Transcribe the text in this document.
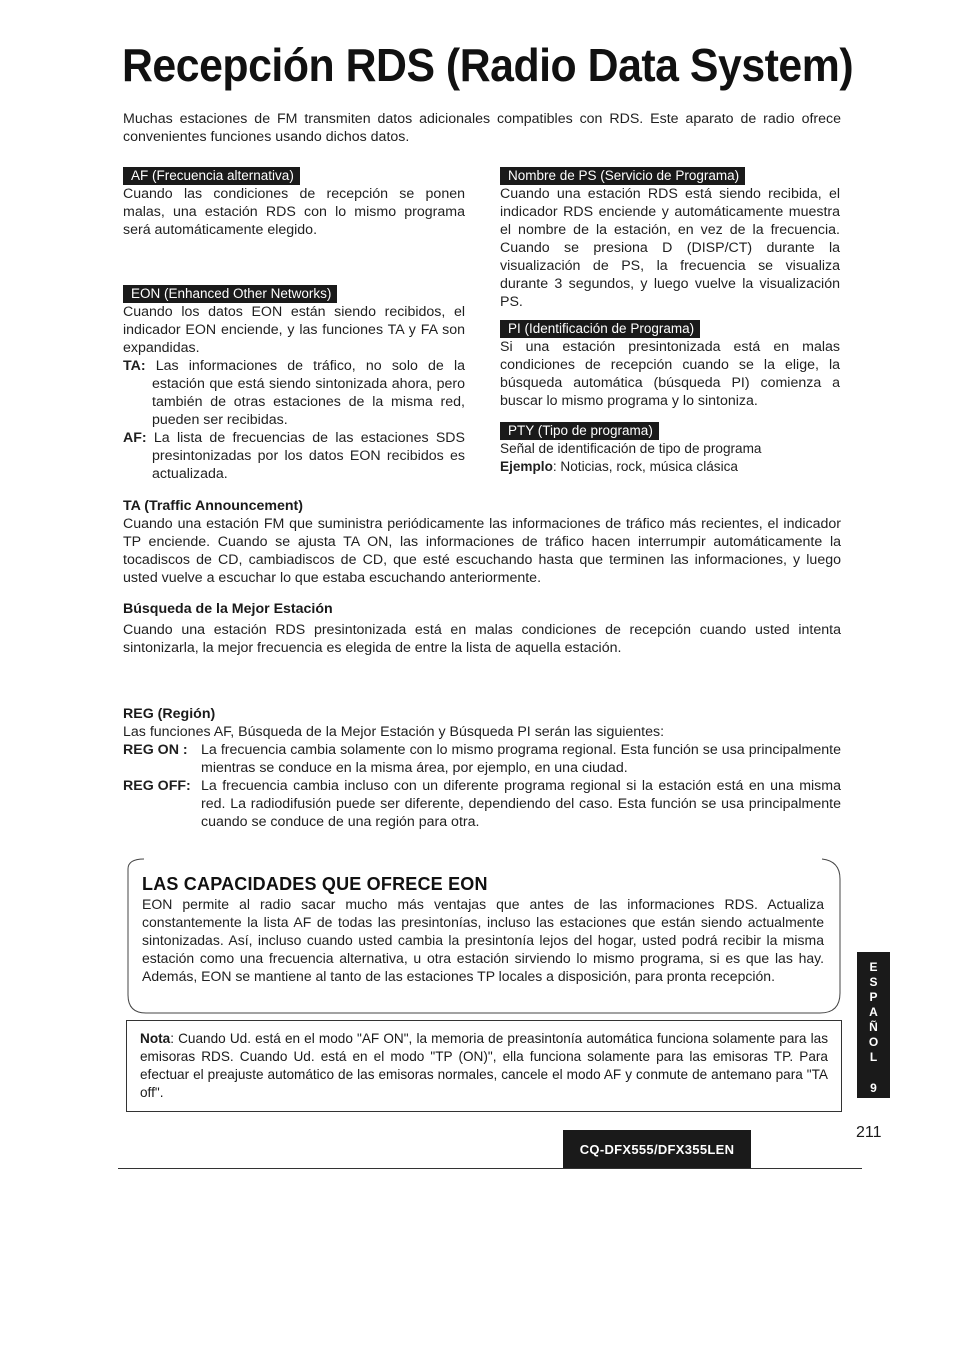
Recepción RDS (Radio Data System)
Muchas estaciones de FM transmiten datos adicionales compatibles con RDS. Este aparato de radio ofrece convenientes funciones usando dichos datos.
AF (Frecuencia alternativa)
Cuando las condiciones de recepción se ponen malas, una estación RDS con lo mismo programa será automáticamente elegido.
EON (Enhanced Other Networks)
Cuando los datos EON están siendo recibidos, el indicador EON enciende, y las funciones TA y FA son expandidas.
TA: Las informaciones de tráfico, no solo de la estación que está siendo sintonizada ahora, pero también de otras estaciones de la misma red, pueden ser recibidas.
AF: La lista de frecuencias de las estaciones SDS presintonizadas por los datos EON recibidos es actualizada.
Nombre de PS (Servicio de Programa)
Cuando una estación RDS está siendo recibida, el indicador RDS enciende y automáticamente muestra el nombre de la estación, en vez de la frecuencia. Cuando se presiona D (DISP/CT) durante la visualización de PS, la frecuencia se visualiza durante 3 segundos, y luego vuelve la visualización PS.
PI (Identificación de Programa)
Si una estación presintonizada está en malas condiciones de recepción cuando se la elige, la búsqueda automática (búsqueda PI) comienza a buscar lo mismo programa y lo sintoniza.
PTY (Tipo de programa)
Señal de identificación de tipo de programa
Ejemplo: Noticias, rock, música clásica
TA (Traffic Announcement)
Cuando una estación FM que suministra periódicamente las informaciones de tráfico más recientes, el indicador TP enciende. Cuando se ajusta TA ON, las informaciones de tráfico hacen interrumpir automáticamente la tocadiscos de CD, cambiadiscos de CD, que esté escuchando hasta que terminen las informaciones, y luego usted vuelve a escuchar lo que estaba escuchando anteriormente.
Búsqueda de la Mejor Estación
Cuando una estación RDS presintonizada está en malas condiciones de recepción cuando usted intenta sintonizarla, la mejor frecuencia es elegida de entre la lista de aquella estación.
REG (Región)
Las funciones AF, Búsqueda de la Mejor Estación y Búsqueda PI serán las siguientes:
REG ON : La frecuencia cambia solamente con lo mismo programa regional. Esta función se usa principalmente mientras se conduce en la misma área, por ejemplo, en una ciudad.
REG OFF: La frecuencia cambia incluso con un diferente programa regional si la estación está en una misma red. La radiodifusión puede ser diferente, dependiendo del caso. Esta función se usa principalmente cuando se conduce de una región para otra.
LAS CAPACIDADES QUE OFRECE EON
EON permite al radio sacar mucho más ventajas que antes de las informaciones RDS. Actualiza constantemente la lista AF de todas las presintonías, incluso las estaciones que están siendo actualmente sintonizadas. Así, incluso cuando usted cambia la presintonía lejos del hogar, usted podrá recibir la misma estación como una frecuencia alternativa, u otra estación sirviendo lo mismo programa, si es que las hay. Además, EON se mantiene al tanto de las estaciones TP locales a disposición, para pronta recepción.
Nota: Cuando Ud. está en el modo "AF ON", la memoria de preasintonía automática funciona solamente para las emisoras RDS. Cuando Ud. está en el modo "TP (ON)", ella funciona solamente para las emisoras TP. Para efectuar el preajuste automático de las emisoras normales, cancele el modo AF y conmute de antemano para "TA off".
E
S
P
A
Ñ
O
L
9
211
CQ-DFX555/DFX355LEN
